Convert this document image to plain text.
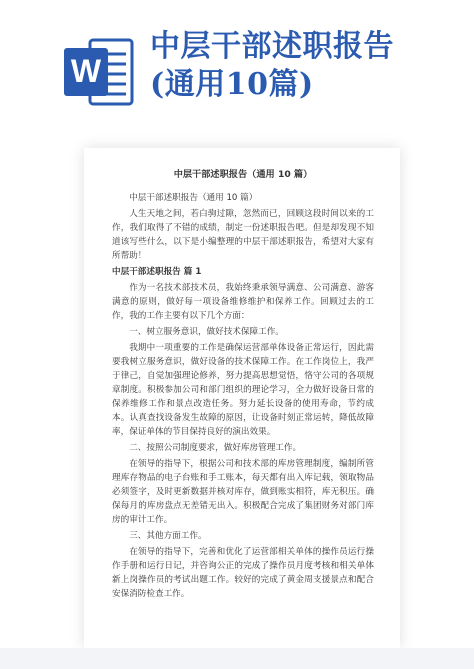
W
中层干部述职报告
(通用10篇)
中层干部述职报告（通用 10 篇）
中层干部述职报告（通用 10 篇）
人生天地之间，若白驹过隙，忽然而已，回顾这段时间以来的工作，我们取得了不错的成绩，制定一份述职报告吧。但是却发现不知道该写些什么，以下是小编整理的中层干部述职报告，希望对大家有所帮助！
中层干部述职报告 篇 1
作为一名技术部技术员，我始终秉承领导满意、公司满意、游客满意的原则，做好每一项设备维修维护和保养工作。回顾过去的工作，我的工作主要有以下几个方面：
一、树立服务意识，做好技术保障工作。
我期中一项重要的工作是确保运营部单体设备正常运行，因此需要我树立服务意识，做好设备的技术保障工作。在工作岗位上，我严于律己，自觉加强理论修养，努力提高思想觉悟，恪守公司的各项规章制度。积极参加公司和部门组织的理论学习，全力做好设备日常的保养维修工作和景点改造任务。努力延长设备的使用寿命，节约成本。认真查找设备发生故障的原因，让设备时刻正常运转，降低故障率，保证单体的节目保持良好的演出效果。
二、按照公司制度要求，做好库房管理工作。
在领导的指导下，根据公司和技术部的库房管理制度，编制所管理库存物品的电子台账和手工账本，每天都有出入库记载，领取物品必须签字，及时更新数据并核对库存，做到账实相符，库无积压。确保每月的库房盘点无差错无出入。积极配合完成了集团财务对部门库房的审计工作。
三、其他方面工作。
在领导的指导下，完善和优化了运营部相关单体的操作员运行操作手册和运行日记，并咨询公正的完成了操作员月度考核和相关单体新上岗操作员的考试出题工作。较好的完成了黄金周支援景点和配合安保消防检查工作。
